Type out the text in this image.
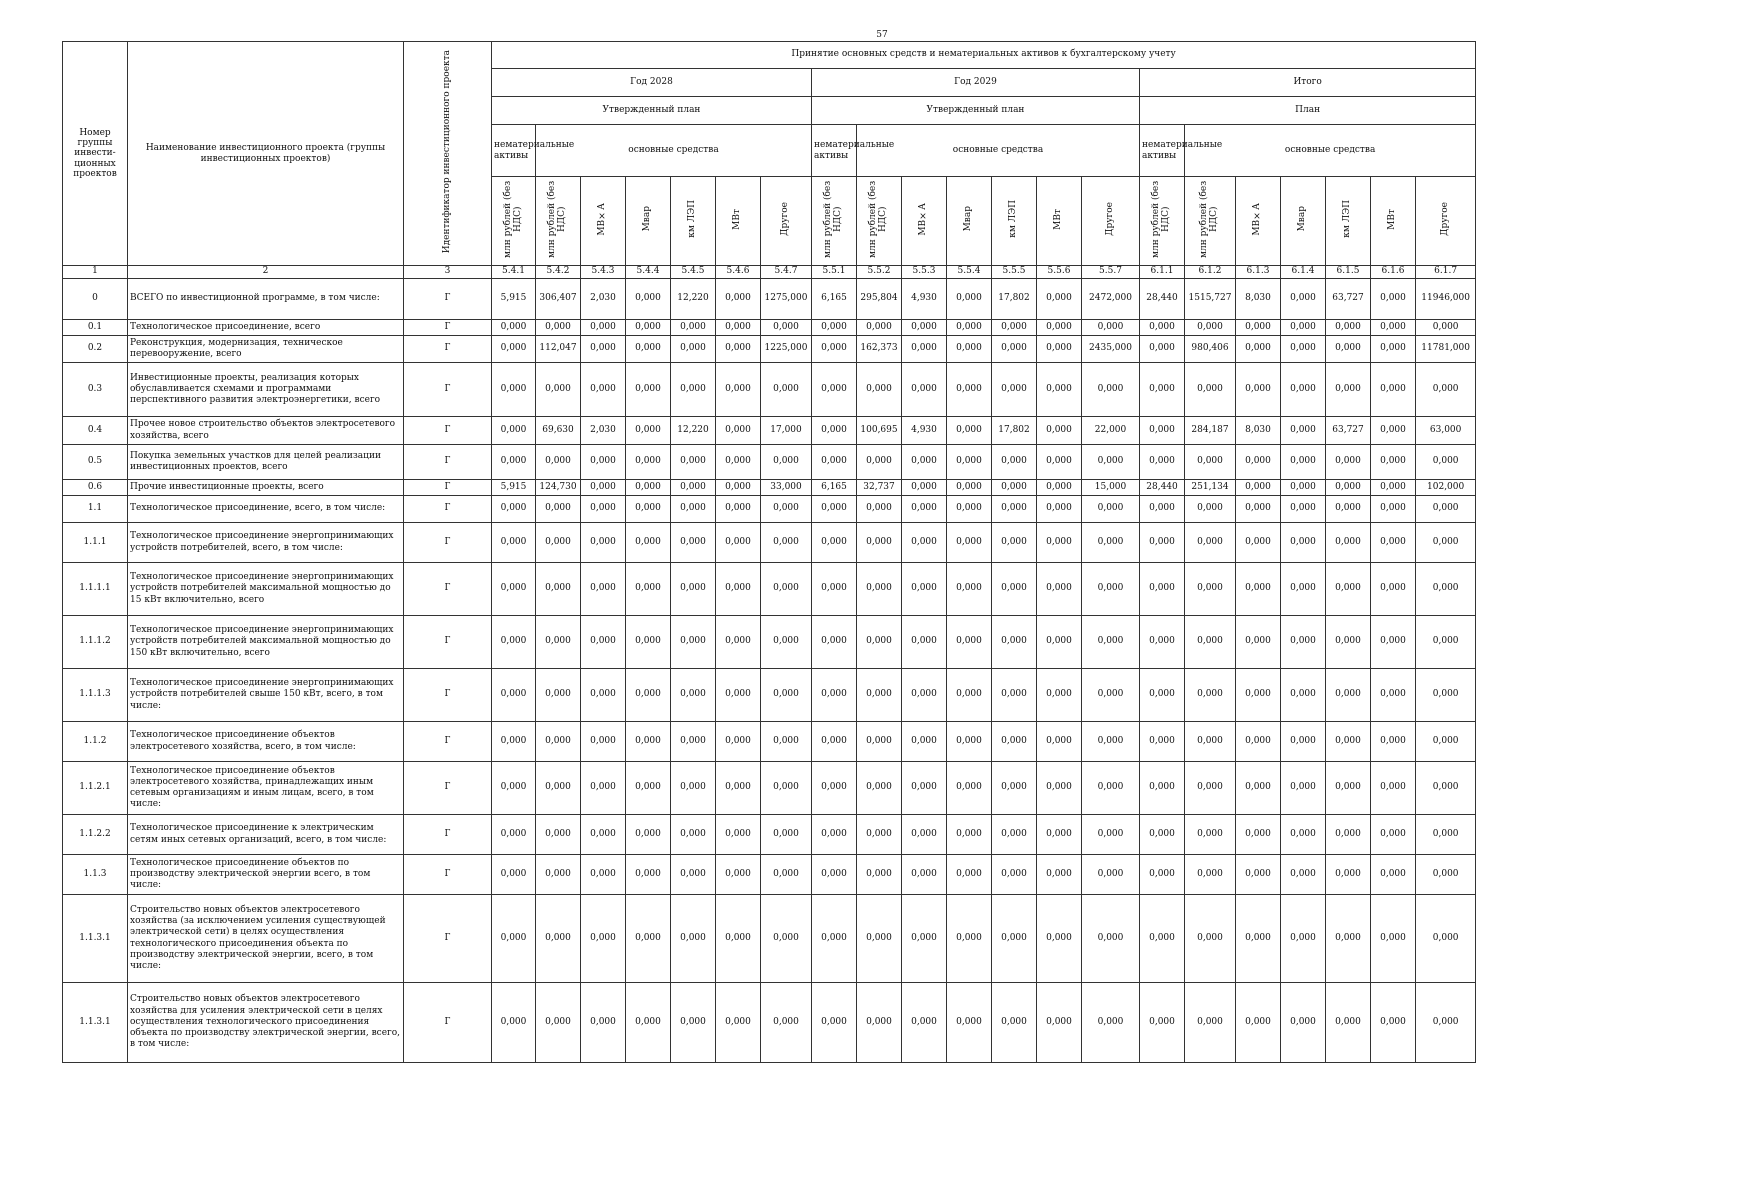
57
Номер группы инвести-ционных проектов	Наименование инвестиционного проекта (группы инвестиционных проектов)	Идентификатор инвестиционного проекта	Принятие основных средств и нематериальных активов к бухгалтерскому учету																				
			Год 2028							Год 2029							Итого						
			Утвержденный план							Утвержденный план							План						
			нематериальные активы	основные средства						нематериальные активы	основные средства						нематериальные активы	основные средства					
			млн рублей (без НДС)	млн рублей (без НДС)	МВ×А	Мвар	км ЛЭП	МВт	Другое	млн рублей (без НДС)	млн рублей (без НДС)	МВ×А	Мвар	км ЛЭП	МВт	Другое	млн рублей (без НДС)	млн рублей (без НДС)	МВ×А	Мвар	км ЛЭП	МВт	Другое
1	2	3	5.4.1	5.4.2	5.4.3	5.4.4	5.4.5	5.4.6	5.4.7	5.5.1	5.5.2	5.5.3	5.5.4	5.5.5	5.5.6	5.5.7	6.1.1	6.1.2	6.1.3	6.1.4	6.1.5	6.1.6	6.1.7
0	ВСЕГО по инвестиционной программе, в том числе:	Г	5,915	306,407	2,030	0,000	12,220	0,000	1275,000	6,165	295,804	4,930	0,000	17,802	0,000	2472,000	28,440	1515,727	8,030	0,000	63,727	0,000	11946,000
0.1	Технологическое присоединение, всего	Г	0,000	0,000	0,000	0,000	0,000	0,000	0,000	0,000	0,000	0,000	0,000	0,000	0,000	0,000	0,000	0,000	0,000	0,000	0,000	0,000	0,000
0.2	Реконструкция, модернизация, техническое перевооружение, всего	Г	0,000	112,047	0,000	0,000	0,000	0,000	1225,000	0,000	162,373	0,000	0,000	0,000	0,000	2435,000	0,000	980,406	0,000	0,000	0,000	0,000	11781,000
0.3	Инвестиционные проекты, реализация которых обуславливается схемами и программами перспективного развития электроэнергетики, всего	Г	0,000	0,000	0,000	0,000	0,000	0,000	0,000	0,000	0,000	0,000	0,000	0,000	0,000	0,000	0,000	0,000	0,000	0,000	0,000	0,000	0,000
0.4	Прочее новое строительство объектов электросетевого хозяйства, всего	Г	0,000	69,630	2,030	0,000	12,220	0,000	17,000	0,000	100,695	4,930	0,000	17,802	0,000	22,000	0,000	284,187	8,030	0,000	63,727	0,000	63,000
0.5	Покупка земельных участков для целей реализации инвестиционных проектов, всего	Г	0,000	0,000	0,000	0,000	0,000	0,000	0,000	0,000	0,000	0,000	0,000	0,000	0,000	0,000	0,000	0,000	0,000	0,000	0,000	0,000	0,000
0.6	Прочие инвестиционные проекты, всего	Г	5,915	124,730	0,000	0,000	0,000	0,000	33,000	6,165	32,737	0,000	0,000	0,000	0,000	15,000	28,440	251,134	0,000	0,000	0,000	0,000	102,000
1.1	Технологическое присоединение, всего, в том числе:	Г	0,000	0,000	0,000	0,000	0,000	0,000	0,000	0,000	0,000	0,000	0,000	0,000	0,000	0,000	0,000	0,000	0,000	0,000	0,000	0,000	0,000
1.1.1	Технологическое присоединение энергопринимающих устройств потребителей, всего, в том числе:	Г	0,000	0,000	0,000	0,000	0,000	0,000	0,000	0,000	0,000	0,000	0,000	0,000	0,000	0,000	0,000	0,000	0,000	0,000	0,000	0,000	0,000
1.1.1.1	Технологическое присоединение энергопринимающих устройств потребителей максимальной мощностью до 15 кВт включительно, всего	Г	0,000	0,000	0,000	0,000	0,000	0,000	0,000	0,000	0,000	0,000	0,000	0,000	0,000	0,000	0,000	0,000	0,000	0,000	0,000	0,000	0,000
1.1.1.2	Технологическое присоединение энергопринимающих устройств потребителей максимальной мощностью до 150 кВт включительно, всего	Г	0,000	0,000	0,000	0,000	0,000	0,000	0,000	0,000	0,000	0,000	0,000	0,000	0,000	0,000	0,000	0,000	0,000	0,000	0,000	0,000	0,000
1.1.1.3	Технологическое присоединение энергопринимающих устройств потребителей свыше 150 кВт, всего, в том числе:	Г	0,000	0,000	0,000	0,000	0,000	0,000	0,000	0,000	0,000	0,000	0,000	0,000	0,000	0,000	0,000	0,000	0,000	0,000	0,000	0,000	0,000
1.1.2	Технологическое присоединение объектов электросетевого хозяйства, всего, в том числе:	Г	0,000	0,000	0,000	0,000	0,000	0,000	0,000	0,000	0,000	0,000	0,000	0,000	0,000	0,000	0,000	0,000	0,000	0,000	0,000	0,000	0,000
1.1.2.1	Технологическое присоединение объектов электросетевого хозяйства, принадлежащих иным сетевым организациям и иным лицам, всего, в том числе:	Г	0,000	0,000	0,000	0,000	0,000	0,000	0,000	0,000	0,000	0,000	0,000	0,000	0,000	0,000	0,000	0,000	0,000	0,000	0,000	0,000	0,000
1.1.2.2	Технологическое присоединение к электрическим сетям иных сетевых организаций, всего, в том числе:	Г	0,000	0,000	0,000	0,000	0,000	0,000	0,000	0,000	0,000	0,000	0,000	0,000	0,000	0,000	0,000	0,000	0,000	0,000	0,000	0,000	0,000
1.1.3	Технологическое присоединение объектов по производству электрической энергии всего, в том числе:	Г	0,000	0,000	0,000	0,000	0,000	0,000	0,000	0,000	0,000	0,000	0,000	0,000	0,000	0,000	0,000	0,000	0,000	0,000	0,000	0,000	0,000
1.1.3.1	Строительство новых объектов электросетевого хозяйства (за исключением усиления существующей электрической сети) в целях осуществления технологического присоединения объекта по производству электрической энергии, всего, в том числе:	Г	0,000	0,000	0,000	0,000	0,000	0,000	0,000	0,000	0,000	0,000	0,000	0,000	0,000	0,000	0,000	0,000	0,000	0,000	0,000	0,000	0,000
1.1.3.1	Строительство новых объектов электросетевого хозяйства для усиления электрической сети в целях осуществления технологического присоединения объекта по производству электрической энергии, всего, в том числе:	Г	0,000	0,000	0,000	0,000	0,000	0,000	0,000	0,000	0,000	0,000	0,000	0,000	0,000	0,000	0,000	0,000	0,000	0,000	0,000	0,000	0,000
